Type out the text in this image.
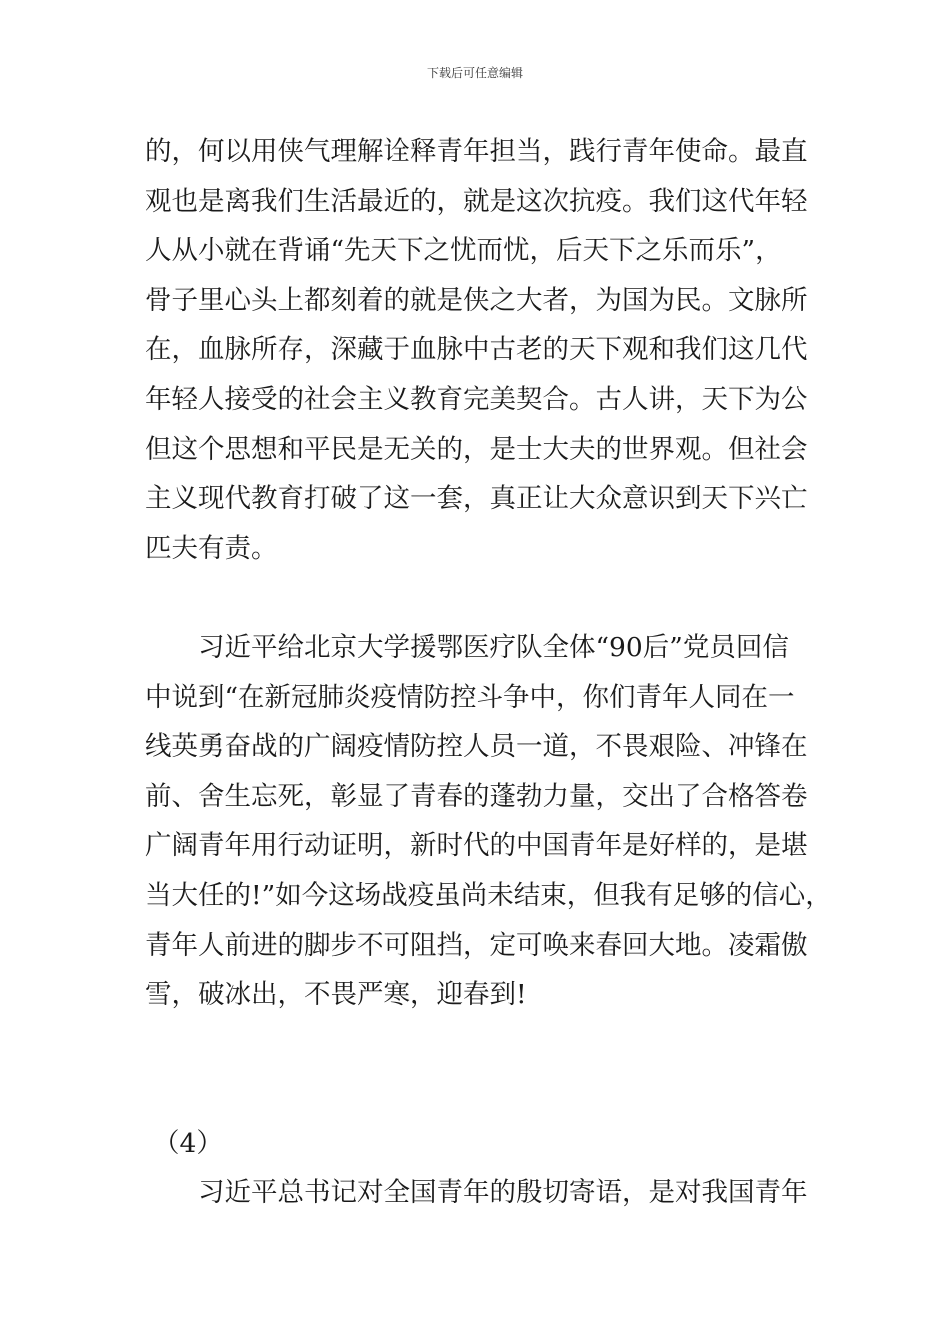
下载后可任意编辑
的，何以用侠气理解诠释青年担当，践行青年使命。最直
观也是离我们生活最近的，就是这次抗疫。我们这代年轻
人从小就在背诵“先天下之忧而忧，后天下之乐而乐”，
骨子里心头上都刻着的就是侠之大者，为国为民。文脉所
在，血脉所存，深藏于血脉中古老的天下观和我们这几代
年轻人接受的社会主义教育完美契合。古人讲，天下为公
但这个思想和平民是无关的，是士大夫的世界观。但社会
主义现代教育打破了这一套，真正让大众意识到天下兴亡
匹夫有责。
习近平给北京大学援鄂医疗队全体“90后”党员回信
中说到“在新冠肺炎疫情防控斗争中，你们青年人同在一
线英勇奋战的广阔疫情防控人员一道，不畏艰险、冲锋在
前、舍生忘死，彰显了青春的蓬勃力量，交出了合格答卷
广阔青年用行动证明，新时代的中国青年是好样的，是堪
当大任的!”如今这场战疫虽尚未结束，但我有足够的信心，
青年人前进的脚步不可阻挡，定可唤来春回大地。凌霜傲
雪，破冰出，不畏严寒，迎春到!
（4）
习近平总书记对全国青年的殷切寄语，是对我国青年
